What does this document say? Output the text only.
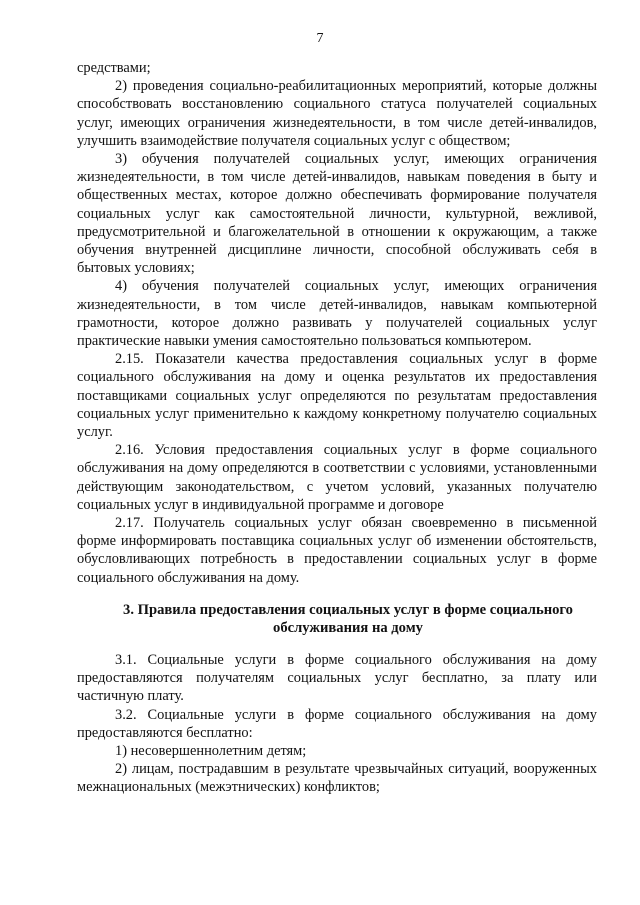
7

средствами;

2) проведения социально-реабилитационных мероприятий, которые должны способствовать восстановлению социального статуса получателей социальных услуг, имеющих ограничения жизнедеятельности, в том числе детей-инвалидов, улучшить взаимодействие получателя социальных услуг с обществом;

3) обучения получателей социальных услуг, имеющих ограничения жизнедеятельности, в том числе детей-инвалидов, навыкам поведения в быту и общественных местах, которое должно обеспечивать формирование получателя социальных услуг как самостоятельной личности, культурной, вежливой, предусмотрительной и благожелательной в отношении к окружающим, а также обучения внутренней дисциплине личности, способной обслуживать себя в бытовых условиях;

4) обучения получателей социальных услуг, имеющих ограничения жизнедеятельности, в том числе детей-инвалидов, навыкам компьютерной грамотности, которое должно развивать у получателей социальных услуг практические навыки умения самостоятельно пользоваться компьютером.

2.15. Показатели качества предоставления социальных услуг в форме социального обслуживания на дому и оценка результатов их предоставления поставщиками социальных услуг определяются по результатам предоставления социальных услуг применительно к каждому конкретному получателю социальных услуг.

2.16. Условия предоставления социальных услуг в форме социального обслуживания на дому определяются в соответствии с условиями, установленными действующим законодательством, с учетом условий, указанных получателю социальных услуг в индивидуальной программе и договоре

2.17. Получатель социальных услуг обязан своевременно в письменной форме информировать поставщика социальных услуг об изменении обстоятельств, обусловливающих потребность в предоставлении социальных услуг в форме социального обслуживания на дому.

3. Правила предоставления социальных услуг в форме социального

обслуживания на дому

3.1. Социальные услуги в форме социального обслуживания на дому предоставляются получателям социальных услуг бесплатно, за плату или частичную плату.

3.2. Социальные услуги в форме социального обслуживания на дому предоставляются бесплатно:

1) несовершеннолетним детям;

2) лицам, пострадавшим в результате чрезвычайных ситуаций, вооруженных межнациональных (межэтнических) конфликтов;
